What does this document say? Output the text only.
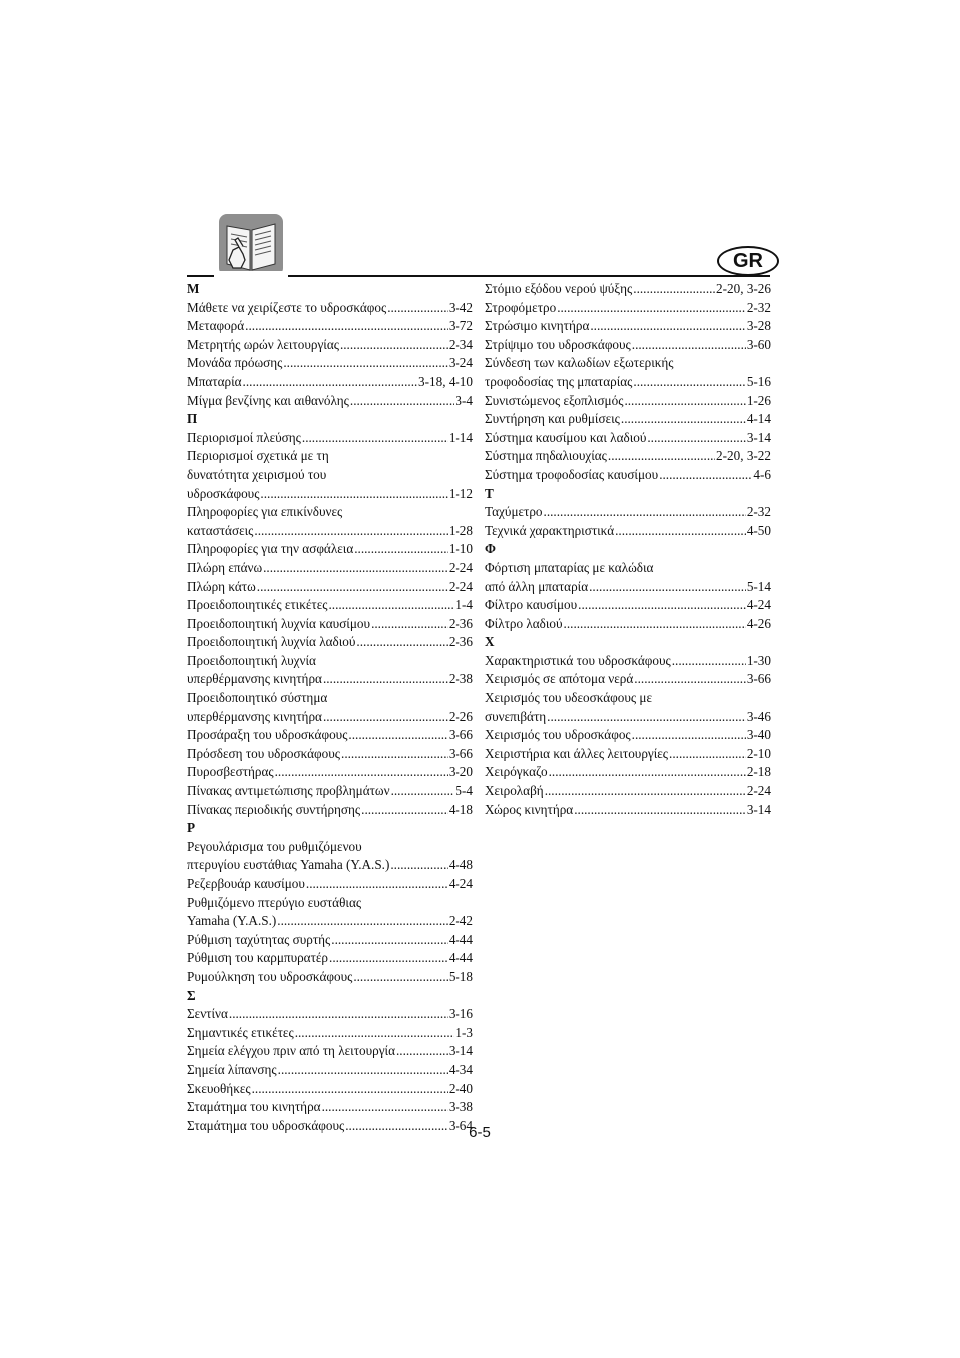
GR
Μ
Μάθετε να χειρίζεστε το υδροσκάφος .....	3-42
Μεταφορά .....	3-72
Μετρητής ωρών λειτουργίας .....	2-34
Μονάδα πρόωσης .....	3-24
Μπαταρία .....	3-18, 4-10
Μίγμα βενζίνης και αιθανόλης .....	3-4
Π
Περιορισμοί πλεύσης .....	1-14
Περιορισμοί σχετικά με τη
δυνατότητα χειρισμού του
υδροσκάφους .....	1-12
Πληροφορίες για επικίνδυνες
καταστάσεις .....	1-28
Πληροφορίες για την ασφάλεια .....	1-10
Πλώρη επάνω .....	2-24
Πλώρη κάτω .....	2-24
Προειδοποιητικές ετικέτες .....	1-4
Προειδοποιητική λυχνία καυσίμου .....	2-36
Προειδοποιητική λυχνία λαδιού .....	2-36
Προειδοποιητική λυχνία
υπερθέρμανσης κινητήρα .....	2-38
Προειδοποιητικό σύστημα
υπερθέρμανσης κινητήρα .....	2-26
Προσάραξη του υδροσκάφους .....	3-66
Πρόσδεση του υδροσκάφους .....	3-66
Πυροσβεστήρας .....	3-20
Πίνακας αντιμετώπισης προβλημάτων .....	5-4
Πίνακας περιοδικής συντήρησης .....	4-18
Ρ
Ρεγουλάρισμα του ρυθμιζόμενου
πτερυγίου ευστάθιας Yamaha (Y.A.S.) .....	4-48
Ρεζερβουάρ καυσίμου .....	4-24
Ρυθμιζόμενο πτερύγιο ευστάθιας
Yamaha (Y.A.S.) .....	2-42
Ρύθμιση ταχύτητας συρτής .....	4-44
Ρύθμιση του καρμπυρατέρ .....	4-44
Ρυμούλκηση του υδροσκάφους .....	5-18
Σ
Σεντίνα .....	3-16
Σημαντικές ετικέτες .....	1-3
Σημεία ελέγχου πριν από τη λειτουργία .....	3-14
Σημεία λίπανσης .....	4-34
Σκευοθήκες .....	2-40
Σταμάτημα του κινητήρα .....	3-38
Σταμάτημα του υδροσκάφους .....	3-64
Στόμιο εξόδου νερού ψύξης .....	2-20, 3-26
Στροφόμετρο .....	2-32
Στρώσιμο κινητήρα .....	3-28
Στρίψιμο του υδροσκάφους .....	3-60
Σύνδεση των καλωδίων εξωτερικής
τροφοδοσίας της μπαταρίας .....	5-16
Συνιστώμενος εξοπλισμός .....	1-26
Συντήρηση και ρυθμίσεις .....	4-14
Σύστημα καυσίμου και λαδιού .....	3-14
Σύστημα πηδαλιουχίας .....	2-20, 3-22
Σύστημα τροφοδοσίας καυσίμου .....	4-6
Τ
Ταχύμετρο .....	2-32
Τεχνικά χαρακτηριστικά .....	4-50
Φ
Φόρτιση μπαταρίας με καλώδια
από άλλη μπαταρία .....	5-14
Φίλτρο καυσίμου .....	4-24
Φίλτρο λαδιού .....	4-26
Χ
Χαρακτηριστικά του υδροσκάφους .....	1-30
Χειρισμός σε απότομα νερά .....	3-66
Χειρισμός του υδεοσκάφους με
συνεπιβάτη .....	3-46
Χειρισμός του υδροσκάφος .....	3-40
Χειριστήρια και άλλες λειτουργίες .....	2-10
Χειρόγκαζο .....	2-18
Χειρολαβή .....	2-24
Χώρος κινητήρα .....	3-14
6-5
